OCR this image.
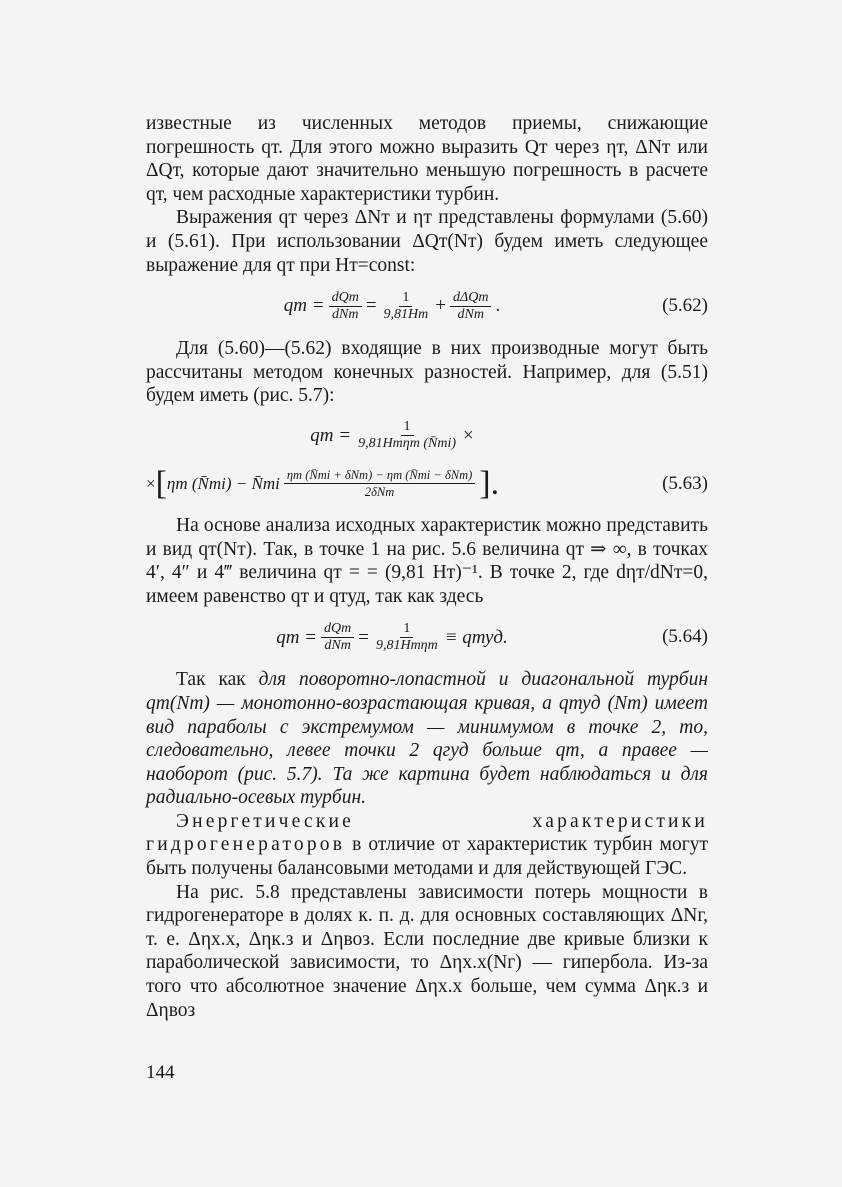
известные из численных методов приемы, снижающие погрешность qт. Для этого можно выразить Qт через ηт, ΔNт или ΔQт, которые дают значительно меньшую погрешность в расчете qт, чем расходные характеристики турбин.

Выражения qт через ΔNт и ηт представлены формулами (5.60) и (5.61). При использовании ΔQт(Nт) будем иметь следующее выражение для qт при Hт=const:

qт = $\frac{\text{dQт}}{\text{dNт}} = \frac{1}{9,81Hт} + \frac{\text{dΔQт}}{\text{dNт}}$ .	(5.62)

Для (5.60)—(5.62) входящие в них производные могут быть рассчитаны методом конечных разностей. Например, для (5.51) будем иметь (рис. 5.7):

qт = $\frac{1}{\text{9,81Hтηт (N̄тi)}}$ ×
× [ ηт (N̄тi) − N̄тi $\frac{\text{ηт (N̄тi + δNт) − ηт (N̄тi − δNт)}}{\text{2δNт}}$ ].	(5.63)

На основе анализа исходных характеристик можно представить и вид qт(Nт). Так, в точке 1 на рис. 5.6 величина qт ⇒ ∞, в точках 4′, 4″ и 4‴ величина qт = = (9,81 Hт)⁻¹. В точке 2, где dηт/dNт=0, имеем равенство qт и qтуд, так как здесь

qт = $\frac{\text{dQт}}{\text{dNт}} = \frac{1}{\text{9,81Hтηт}}$ ≡ qтуд.	(5.64)

Так как для поворотно-лопастной и диагональной турбин qт(Nт) — монотонно-возрастающая кривая, а qтуд (Nт) имеет вид параболы с экстремумом — минимумом в точке 2, то, следовательно, левее точки 2 qгуд больше qт, а правее — наоборот (рис. 5.7). Та же картина будет наблюдаться и для радиально-осевых турбин.

Энергетические характеристики гидрогенераторов в отличие от характеристик турбин могут быть получены балансовыми методами и для действующей ГЭС.

На рис. 5.8 представлены зависимости потерь мощности в гидрогенераторе в долях к. п. д. для основных составляющих ΔNг, т. е. Δηх.х, Δηк.з и Δηвоз. Если последние две кривые близки к параболической зависимости, то Δηх.х(Nг) — гипербола. Из-за того что абсолютное значение Δηх.х больше, чем сумма Δηк.з и Δηвоз

144
